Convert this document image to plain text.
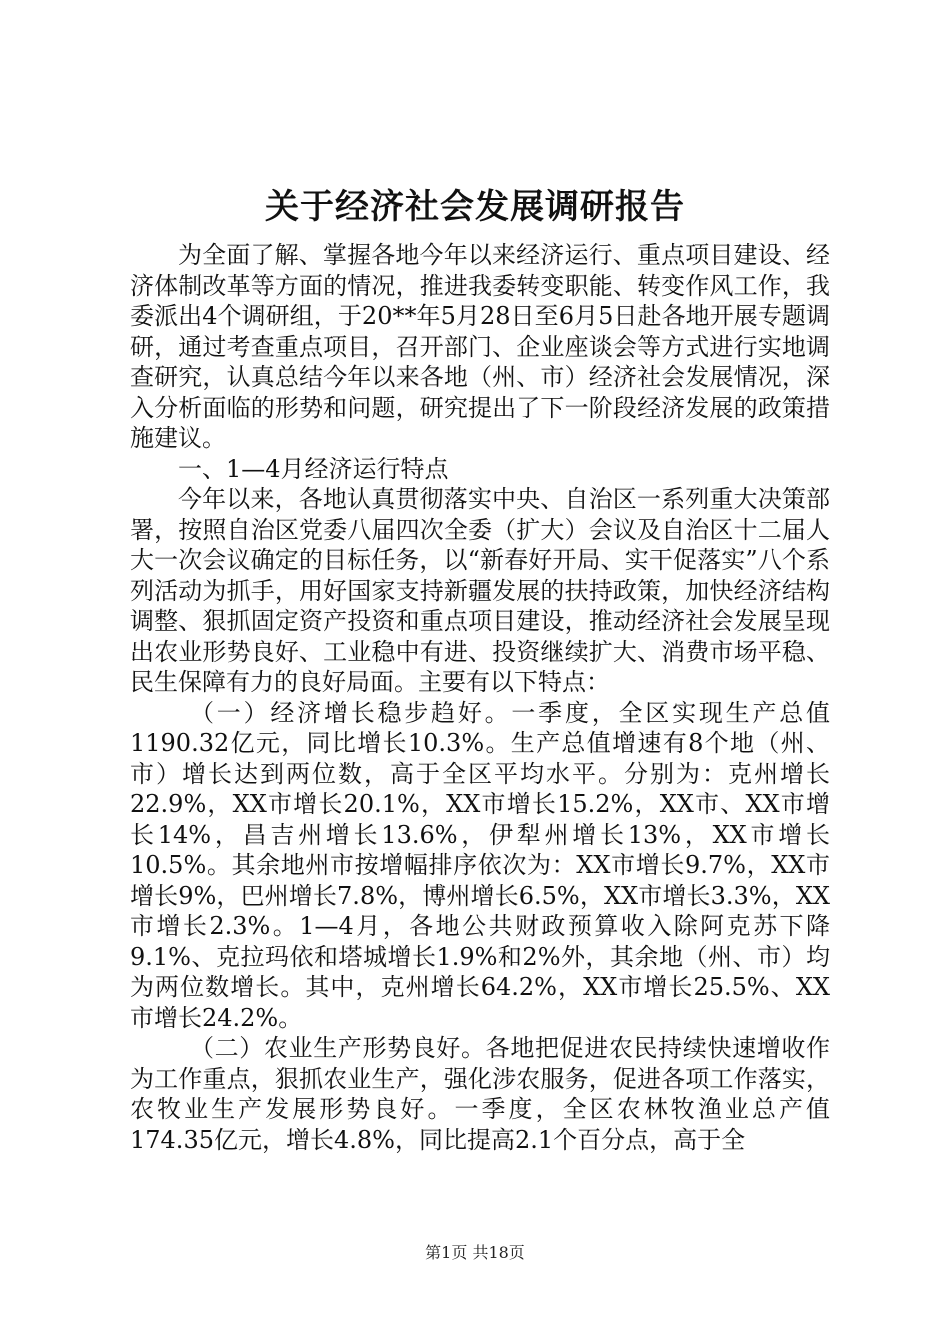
关于经济社会发展调研报告

为全面了解、掌握各地今年以来经济运行、重点项目建设、经济体制改革等方面的情况，推进我委转变职能、转变作风工作，我委派出4个调研组，于20**年5月28日至6月5日赴各地开展专题调研，通过考查重点项目，召开部门、企业座谈会等方式进行实地调查研究，认真总结今年以来各地（州、市）经济社会发展情况，深入分析面临的形势和问题，研究提出了下一阶段经济发展的政策措施建议。

一、1—4月经济运行特点

今年以来，各地认真贯彻落实中央、自治区一系列重大决策部署，按照自治区党委八届四次全委（扩大）会议及自治区十二届人大一次会议确定的目标任务，以“新春好开局、实干促落实”八个系列活动为抓手，用好国家支持新疆发展的扶持政策，加快经济结构调整、狠抓固定资产投资和重点项目建设，推动经济社会发展呈现出农业形势良好、工业稳中有进、投资继续扩大、消费市场平稳、民生保障有力的良好局面。主要有以下特点：

（一）经济增长稳步趋好。一季度，全区实现生产总值1190.32亿元，同比增长10.3%。生产总值增速有8个地（州、市）增长达到两位数，高于全区平均水平。分别为：克州增长22.9%，XX市增长20.1%，XX市增长15.2%，XX市、XX市增长14%，昌吉州增长13.6%，伊犁州增长13%，XX市增长10.5%。其余地州市按增幅排序依次为：XX市增长9.7%，XX市增长9%，巴州增长7.8%，博州增长6.5%，XX市增长3.3%，XX市增长2.3%。1—4月，各地公共财政预算收入除阿克苏下降9.1%、克拉玛依和塔城增长1.9%和2%外，其余地（州、市）均为两位数增长。其中，克州增长64.2%，XX市增长25.5%、XX市增长24.2%。

（二）农业生产形势良好。各地把促进农民持续快速增收作为工作重点，狠抓农业生产，强化涉农服务，促进各项工作落实，农牧业生产发展形势良好。一季度，全区农林牧渔业总产值174.35亿元，增长4.8%，同比提高2.1个百分点，高于全

第1页 共18页
